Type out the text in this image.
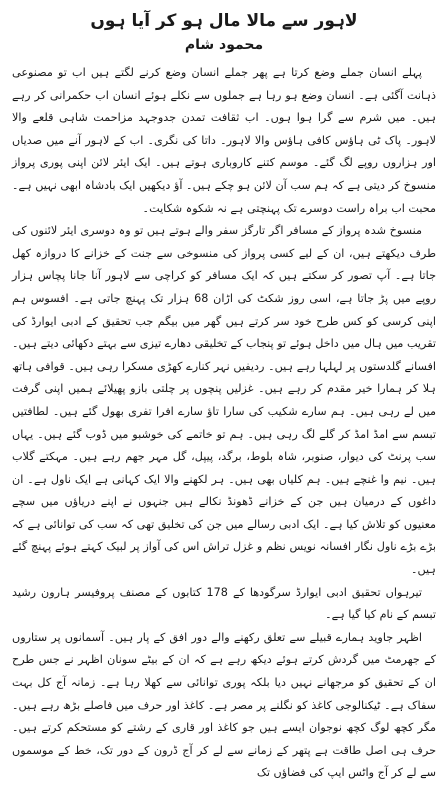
لاہور سے مالا مال ہو کر آیا ہوں
محمود شام

پہلے انسان جملے وضع کرتا ہے پھر جملے انسان وضع کرنے لگتے ہیں اب تو مصنوعی ذہانت آگئی ہے۔ انسان وضع ہو رہا ہے جملوں سے نکلے ہوئے انسان اب حکمرانی کر رہے ہیں۔ میں شرم سے گرا ہوا ہوں۔ اب ثقافت تمدن جدوجہد مزاحمت شاہی قلعے والا لاہور۔ پاک ٹی ہاؤس کافی ہاؤس والا لاہور۔ داتا کی نگری۔ اب کے لاہور آنے میں صدیاں اور ہزاروں روپے لگ گئے۔ موسم کتنے کاروباری ہوتے ہیں۔ ایک ایئر لائن اپنی پوری پرواز منسوخ کر دیتی ہے کہ ہم سب آن لائن ہو چکے ہیں۔ آؤ دیکھیں ایک بادشاہ ابھی نہیں ہے۔ محبت اب براہ راست دوسرے تک پہنچتی ہے نہ شکوہ شکایت۔

منسوخ شدہ پرواز کے مسافر اگر تارگز سفر والے ہوتے ہیں تو وہ دوسری ایئر لائنوں کی طرف دیکھتے ہیں، ان کے لیے کسی پرواز کی منسوخی سے جنت کے خزانے کا دروازہ کھل جاتا ہے۔ آپ تصور کر سکتے ہیں کہ ایک مسافر کو کراچی سے لاہور آنا جانا پچاس ہزار روپے میں پڑ جاتا ہے، اسی روز شکٹ کی اڑان 68 ہزار تک پہنچ جاتی ہے۔ افسوس ہم اپنی کرسی کو کس طرح خود سر کرتے ہیں گھر میں بیگم جب تحقیق کے ادبی ایوارڈ کی تقریب میں ہال میں داخل ہوئے تو پنجاب کے تخلیقی دھارے تیزی سے بہتے دکھائی دیتے ہیں۔ افسانے گلدستوں پر لہلہا رہے ہیں۔ ردیفیں نہر کنارے کھڑی مسکرا رہی ہیں۔ قوافی ہاتھ ہلا کر ہمارا خیر مقدم کر رہے ہیں۔ غزلیں پنچوں پر چلتی بازو پھیلائے ہمیں اپنی گرفت میں لے رہی ہیں۔ ہم سارے شکیب کی سارا تاؤ سارے افرا تفری بھول گئے ہیں۔ لطافتیں تبسم سے امڈ امڈ کر گلے لگ رہی ہیں۔ ہم تو خاتمے کی خوشبو میں ڈوب گئے ہیں۔ یہاں سب پرنٹ کی دیوار، صنوبر، شاہ بلوط، برگد، پیپل، گل مہر جھم رہے ہیں۔ مہکتے گلاب ہیں۔ نیم وا غنچے ہیں۔ ہم کلیاں بھی ہیں۔ ہر لکھنے والا ایک کہانی ہے ایک ناول ہے۔ ان داغوں کے درمیان ہیں جن کے خزانے ڈھونڈ نکالے ہیں جنہوں نے اپنے دریاؤں میں سچے معنیوں کو تلاش کیا ہے۔ ایک ادبی رسالے میں جن کی تخلیق تھی کہ سب کی توانائی ہے کہ بڑے بڑے ناول نگار افسانہ نویس نظم و غزل تراش اس کی آواز پر لبیک کہتے ہوئے پہنچ گئے ہیں۔

تیرہواں تحقیق ادبی ایوارڈ سرگودھا کے 178 کتابوں کے مصنف پروفیسر ہارون رشید تبسم کے نام کیا گیا ہے۔

اظہر جاوید ہمارے قبیلے سے تعلق رکھنے والے دور افق کے پار ہیں۔ آسمانوں پر ستاروں کے جھرمٹ میں گردش کرتے ہوئے دیکھ رہے ہے کہ ان کے بیٹے سونان اظہر نے جس طرح ان کے تحقیق کو مرجھانے نہیں دیا بلکہ پوری توانائی سے کھلا رہا ہے۔ زمانہ آج کل بہت سفاک ہے۔ ٹیکنالوجی کاغذ کو نگلنے پر مصر ہے۔ کاغذ اور حرف میں فاصلے بڑھ رہے ہیں۔ مگر کچھ لوگ کچھ نوجوان ایسے ہیں جو کاغذ اور قاری کے رشتے کو مستحکم کرتے ہیں۔ حرف ہی اصل طاقت ہے پتھر کے زمانے سے لے کر آج ڈرون کے دور تک، خط کے موسموں سے لے کر آج واٹس ایپ کی فضاؤں تک
